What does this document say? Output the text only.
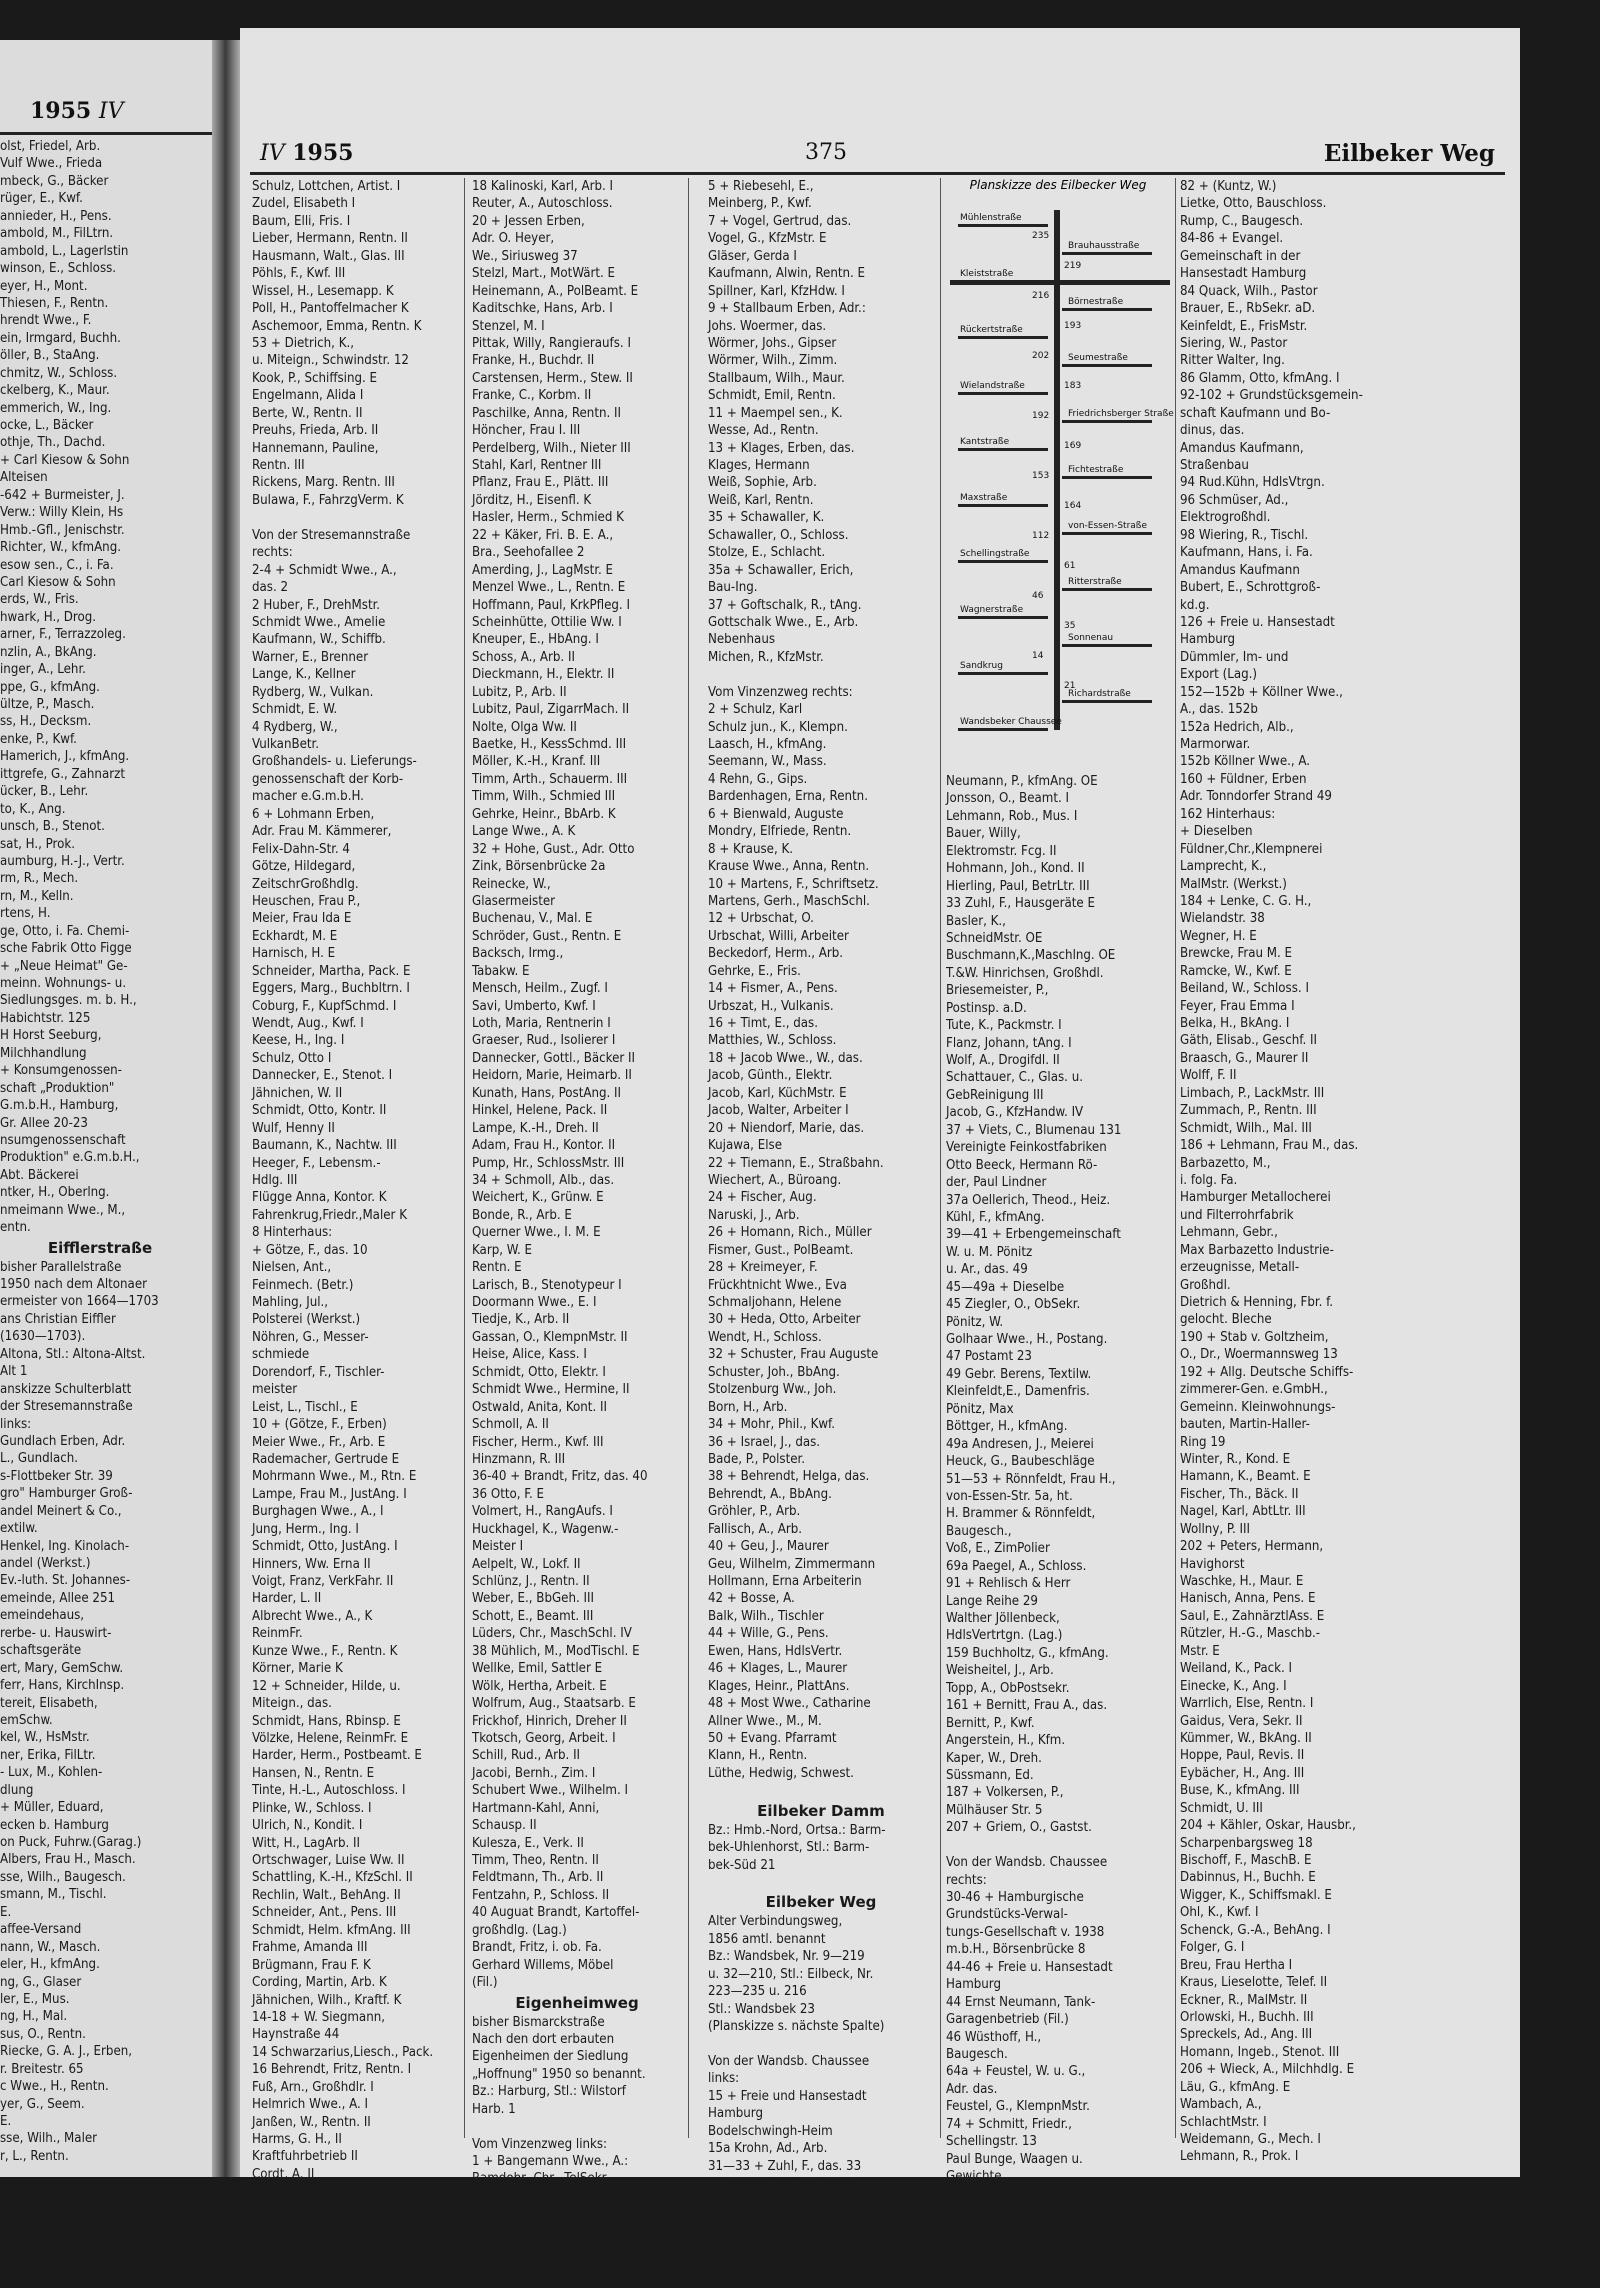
1955 IV
olst, Friedel, Arb.
Vulf Wwe., Frieda
mbeck, G., Bäcker
rüger, E., Kwf.
annieder, H., Pens.
ambold, M., FilLtrn.
ambold, L., Lagerlstin
winson, E., Schloss.
eyer, H., Mont.
Thiesen, F., Rentn.
hrendt Wwe., F.
ein, Irmgard, Buchh.
öller, B., StaAng.
chmitz, W., Schloss.
ckelberg, K., Maur.
emmerich, W., Ing.
ocke, L., Bäcker
othje, Th., Dachd.
+ Carl Kiesow & Sohn
Alteisen
-642 + Burmeister, J.
Verw.: Willy Klein, Hs
Hmb.-Gfl., Jenischstr.
Richter, W., kfmAng.
esow sen., C., i. Fa.
Carl Kiesow & Sohn
erds, W., Fris.
hwark, H., Drog.
arner, F., Terrazzoleg.
nzlin, A., BkAng.
inger, A., Lehr.
ppe, G., kfmAng.
ültze, P., Masch.
ss, H., Decksm.
enke, P., Kwf.
Hamerich, J., kfmAng.
ittgrefe, G., Zahnarzt
ücker, B., Lehr.
to, K., Ang.
unsch, B., Stenot.
sat, H., Prok.
aumburg, H.-J., Vertr.
rm, R., Mech.
rn, M., Kelln.
rtens, H.
ge, Otto, i. Fa. Chemi-
sche Fabrik Otto Figge
+ „Neue Heimat" Ge-
meinn. Wohnungs- u.
Siedlungsges. m. b. H.,
Habichtstr. 125
H Horst Seeburg,
Milchhandlung
+ Konsumgenossen-
schaft „Produktion"
G.m.b.H., Hamburg,
Gr. Allee 20-23
nsumgenossenschaft
Produktion" e.G.m.b.H.,
Abt. Bäckerei
ntker, H., Oberlng.
nmeimann Wwe., M.,
entn.
Eifflerstraße
bisher Parallelstraße
1950 nach dem Altonaer
ermeister von 1664—1703
ans Christian Eiffler
(1630—1703).
Altona, Stl.: Altona-Altst.
Alt 1
anskizze Schulterblatt
der Stresemannstraße
links:
Gundlach Erben, Adr.
L., Gundlach.
s-Flottbeker Str. 39
gro" Hamburger Groß-
andel Meinert & Co.,
extilw.
Henkel, Ing. Kinolach-
andel (Werkst.)
Ev.-luth. St. Johannes-
emeinde, Allee 251
emeindehaus,
rerbe- u. Hauswirt-
schaftsgeräte
ert, Mary, GemSchw.
ferr, Hans, KirchInsp.
tereit, Elisabeth,
emSchw.
kel, W., HsMstr.
ner, Erika, FilLtr.
- Lux, M., Kohlen-
dlung
+ Müller, Eduard,
ecken b. Hamburg
on Puck, Fuhrw.(Garag.)
Albers, Frau H., Masch.
sse, Wilh., Baugesch.
smann, M., Tischl.
E.
affee-Versand
nann, W., Masch.
eler, H., kfmAng.
ng, G., Glaser
ler, E., Mus.
ng, H., Mal.
sus, O., Rentn.
Riecke, G. A. J., Erben,
r. Breitestr. 65
c Wwe., H., Rentn.
yer, G., Seem.
E.
sse, Wilh., Maler
r, L., Rentn.
IV 1955	375	Eilbeker Weg
Schulz, Lottchen, Artist. I
Zudel, Elisabeth I
Baum, Elli, Fris. I
Lieber, Hermann, Rentn. II
Hausmann, Walt., Glas. III
Pöhls, F., Kwf. III
Wissel, H., Lesemapp. K
Poll, H., Pantoffelmacher K
Aschemoor, Emma, Rentn. K
53 + Dietrich, K.,
u. Miteign., Schwindstr. 12
Kook, P., Schiffsing. E
Engelmann, Alida I
Berte, W., Rentn. II
Preuhs, Frieda, Arb. II
Hannemann, Pauline,
Rentn. III
Rickens, Marg. Rentn. III
Bulawa, F., FahrzgVerm. K
Von der Stresemannstraße
rechts:
2-4 + Schmidt Wwe., A.,
das. 2
2 Huber, F., DrehMstr.
Schmidt Wwe., Amelie
Kaufmann, W., Schiffb.
Warner, E., Brenner
Lange, K., Kellner
Rydberg, W., Vulkan.
Schmidt, E. W.
4 Rydberg, W.,
VulkanBetr.
Großhandels- u. Lieferungs-
genossenschaft der Korb-
macher e.G.m.b.H.
6 + Lohmann Erben,
Adr. Frau M. Kämmerer,
Felix-Dahn-Str. 4
Götze, Hildegard,
ZeitschrGroßhdlg.
Heuschen, Frau P.,
Meier, Frau Ida E
Eckhardt, M. E
Harnisch, H. E
Schneider, Martha, Pack. E
Eggers, Marg., Buchbltrn. I
Coburg, F., KupfSchmd. I
Wendt, Aug., Kwf. I
Keese, H., Ing. I
Schulz, Otto I
Dannecker, E., Stenot. I
Jähnichen, W. II
Schmidt, Otto, Kontr. II
Wulf, Henny II
Baumann, K., Nachtw. III
Heeger, F., Lebensm.-
Hdlg. III
Flügge Anna, Kontor. K
Fahrenkrug,Friedr.,Maler K
8 Hinterhaus:
+ Götze, F., das. 10
Nielsen, Ant.,
Feinmech. (Betr.)
Mahling, Jul.,
Polsterei (Werkst.)
Nöhren, G., Messer-
schmiede
Dorendorf, F., Tischler-
meister
Leist, L., Tischl., E
10 + (Götze, F., Erben)
Meier Wwe., Fr., Arb. E
Rademacher, Gertrude E
Mohrmann Wwe., M., Rtn. E
Lampe, Frau M., JustAng. I
Burghagen Wwe., A., I
Jung, Herm., Ing. I
Schmidt, Otto, JustAng. I
Hinners, Ww. Erna II
Voigt, Franz, VerkFahr. II
Harder, L. II
Albrecht Wwe., A., K
ReinmFr.
Kunze Wwe., F., Rentn. K
Körner, Marie K
12 + Schneider, Hilde, u.
Miteign., das.
Schmidt, Hans, Rbinsp. E
Völzke, Helene, ReinmFr. E
Harder, Herm., Postbeamt. E
Hansen, N., Rentn. E
Tinte, H.-L., Autoschloss. I
Plinke, W., Schloss. I
Ulrich, N., Kondit. I
Witt, H., LagArb. II
Ortschwager, Luise Ww. II
Schattling, K.-H., KfzSchl. II
Rechlin, Walt., BehAng. II
Schneider, Ant., Pens. III
Schmidt, Helm. kfmAng. III
Frahme, Amanda III
Brügmann, Frau F. K
Cording, Martin, Arb. K
Jähnichen, Wilh., Kraftf. K
14-18 + W. Siegmann,
Haynstraße 44
14 Schwarzarius,Liesch., Pack.
16 Behrendt, Fritz, Rentn. I
Fuß, Arn., Großhdlr. I
Helmrich Wwe., A. I
Janßen, W., Rentn. II
Harms, G. H., II
Kraftfuhrbetrieb II
Cordt, A. II
Kralinski, A. II
Grewe, Luise, Reinmfr. II
Schliecker, Hans-J., III
Tischl. III
Brüchmann, E., Brenner III
Stahl, Johanna, Arbeit. III
18 Kalinoski, Karl, Arb. I
Reuter, A., Autoschloss.
20 + Jessen Erben,
Adr. O. Heyer,
We., Siriusweg 37
Stelzl, Mart., MotWärt. E
Heinemann, A., PolBeamt. E
Kaditschke, Hans, Arb. I
Stenzel, M. I
Pittak, Willy, Rangieraufs. I
Franke, H., Buchdr. II
Carstensen, Herm., Stew. II
Franke, C., Korbm. II
Paschilke, Anna, Rentn. II
Höncher, Frau I. III
Perdelberg, Wilh., Nieter III
Stahl, Karl, Rentner III
Pflanz, Frau E., Plätt. III
Jörditz, H., Eisenfl. K
Hasler, Herm., Schmied K
22 + Käker, Fri. B. E. A.,
Bra., Seehofallee 2
Amerding, J., LagMstr. E
Menzel Wwe., L., Rentn. E
Hoffmann, Paul, KrkPfleg. I
Scheinhütte, Ottilie Ww. I
Kneuper, E., HbAng. I
Schoss, A., Arb. II
Dieckmann, H., Elektr. II
Lubitz, P., Arb. II
Lubitz, Paul, ZigarrMach. II
Nolte, Olga Ww. II
Baetke, H., KessSchmd. III
Möller, K.-H., Kranf. III
Timm, Arth., Schauerm. III
Timm, Wilh., Schmied III
Gehrke, Heinr., BbArb. K
Lange Wwe., A. K
32 + Hohe, Gust., Adr. Otto
Zink, Börsenbrücke 2a
Reinecke, W.,
Glasermeister
Buchenau, V., Mal. E
Schröder, Gust., Rentn. E
Backsch, Irmg.,
Tabakw. E
Mensch, Heilm., Zugf. I
Savi, Umberto, Kwf. I
Loth, Maria, Rentnerin I
Graeser, Rud., Isolierer I
Dannecker, Gottl., Bäcker II
Heidorn, Marie, Heimarb. II
Kunath, Hans, PostAng. II
Hinkel, Helene, Pack. II
Lampe, K.-H., Dreh. II
Adam, Frau H., Kontor. II
Pump, Hr., SchlossMstr. III
34 + Schmoll, Alb., das.
Weichert, K., Grünw. E
Bonde, R., Arb. E
Querner Wwe., I. M. E
Karp, W. E
Rentn. E
Larisch, B., Stenotypeur I
Doormann Wwe., E. I
Tiedje, K., Arb. II
Gassan, O., KlempnMstr. II
Heise, Alice, Kass. I
Schmidt, Otto, Elektr. I
Schmidt Wwe., Hermine, II
Ostwald, Anita, Kont. II
Schmoll, A. II
Fischer, Herm., Kwf. III
Hinzmann, R. III
36-40 + Brandt, Fritz, das. 40
36 Otto, F. E
Volmert, H., RangAufs. I
Huckhagel, K., Wagenw.-
Meister I
Aelpelt, W., Lokf. II
Schlünz, J., Rentn. II
Weber, E., BbGeh. III
Schott, E., Beamt. III
Lüders, Chr., MaschSchl. IV
38 Mühlich, M., ModTischl. E
Wellke, Emil, Sattler E
Wölk, Hertha, Arbeit. E
Wolfrum, Aug., Staatsarb. E
Frickhof, Hinrich, Dreher II
Tkotsch, Georg, Arbeit. I
Schill, Rud., Arb. II
Jacobi, Bernh., Zim. I
Schubert Wwe., Wilhelm. I
Hartmann-Kahl, Anni,
Schausp. II
Kulesza, E., Verk. II
Timm, Theo, Rentn. II
Feldtmann, Th., Arb. II
Fentzahn, P., Schloss. II
40 Auguat Brandt, Kartoffel-
großhdlg. (Lag.)
Brandt, Fritz, i. ob. Fa.
Gerhard Willems, Möbel
(Fil.)
Eigenheimweg
bisher Bismarckstraße
Nach den dort erbauten
Eigenheimen der Siedlung
„Hoffnung" 1950 so benannt.
Bz.: Harburg, Stl.: Wilstorf
Harb. 1
Vom Vinzenzweg links:
1 + Bangemann Wwe., A.:
Ramdohr, Chr., TelSekr.
3 + Kophal jr., W., Schloss.
Klein, Heinr., Rentn.
Grohn, G., Pflanzensch.-
Techn.
5 + Riebesehl, E.,
Meinberg, P., Kwf.
7 + Vogel, Gertrud, das.
Vogel, G., KfzMstr. E
Gläser, Gerda I
Kaufmann, Alwin, Rentn. E
Spillner, Karl, KfzHdw. I
9 + Stallbaum Erben, Adr.:
Johs. Woermer, das.
Wörmer, Johs., Gipser
Wörmer, Wilh., Zimm.
Stallbaum, Wilh., Maur.
Schmidt, Emil, Rentn.
11 + Maempel sen., K.
Wesse, Ad., Rentn.
13 + Klages, Erben, das.
Klages, Hermann
Weiß, Sophie, Arb.
Weiß, Karl, Rentn.
35 + Schawaller, K.
Schawaller, O., Schloss.
Stolze, E., Schlacht.
35a + Schawaller, Erich,
Bau-Ing.
37 + Goftschalk, R., tAng.
Gottschalk Wwe., E., Arb.
Nebenhaus
Michen, R., KfzMstr.
Vom Vinzenzweg rechts:
2 + Schulz, Karl
Schulz jun., K., Klempn.
Laasch, H., kfmAng.
Seemann, W., Mass.
4 Rehn, G., Gips.
Bardenhagen, Erna, Rentn.
6 + Bienwald, Auguste
Mondry, Elfriede, Rentn.
8 + Krause, K.
Krause Wwe., Anna, Rentn.
10 + Martens, F., Schriftsetz.
Martens, Gerh., MaschSchl.
12 + Urbschat, O.
Urbschat, Willi, Arbeiter
Beckedorf, Herm., Arb.
Gehrke, E., Fris.
14 + Fismer, A., Pens.
Urbszat, H., Vulkanis.
16 + Timt, E., das.
Matthies, W., Schloss.
18 + Jacob Wwe., W., das.
Jacob, Günth., Elektr.
Jacob, Karl, KüchMstr. E
Jacob, Walter, Arbeiter I
20 + Niendorf, Marie, das.
Kujawa, Else
22 + Tiemann, E., Straßbahn.
Wiechert, A., Büroang.
24 + Fischer, Aug.
Naruski, J., Arb.
26 + Homann, Rich., Müller
Fismer, Gust., PolBeamt.
28 + Kreimeyer, F.
Frückhtnicht Wwe., Eva
Schmaljohann, Helene
30 + Heda, Otto, Arbeiter
Wendt, H., Schloss.
32 + Schuster, Frau Auguste
Schuster, Joh., BbAng.
Stolzenburg Ww., Joh.
Born, H., Arb.
34 + Mohr, Phil., Kwf.
36 + Israel, J., das.
Bade, P., Polster.
38 + Behrendt, Helga, das.
Behrendt, A., BbAng.
Gröhler, P., Arb.
Fallisch, A., Arb.
40 + Geu, J., Maurer
Geu, Wilhelm, Zimmermann
Hollmann, Erna Arbeiterin
42 + Bosse, A.
Balk, Wilh., Tischler
44 + Wille, G., Pens.
Ewen, Hans, HdlsVertr.
46 + Klages, L., Maurer
Klages, Heinr., PlattAns.
48 + Most Wwe., Catharine
Allner Wwe., M., M.
50 + Evang. Pfarramt
Klann, H., Rentn.
Lüthe, Hedwig, Schwest.
Eilbeker Damm
Bz.: Hmb.-Nord, Ortsa.: Barm-
bek-Uhlenhorst, Stl.: Barm-
bek-Süd 21
Eilbeker Weg
Alter Verbindungsweg,
1856 amtl. benannt
Bz.: Wandsbek, Nr. 9—219
u. 32—210, Stl.: Eilbeck, Nr.
223—235 u. 216
Stl.: Wandsbek 23
(Planskizze s. nächste Spalte)
Von der Wandsb. Chaussee
links:
15 + Freie und Hansestadt
Hamburg
Bodelschwingh-Heim
15a Krohn, Ad., Arb.
31—33 + Zuhl, F., das. 33
31 Sander,Bertha,Gastst. E
Tuchel, Otto, Grünw. E
Jacobs, W., Arb. OE
Planskizze des Eilbecker Weg
Mühlenstraße
Brauhausstraße
Kleiststraße
Börnestraße
Rückertstraße
Seumestraße
Wielandstraße
Friedrichsberger Straße
Kantstraße
Fichtestraße
Maxstraße
von-Essen-Straße
Schellingstraße
Ritterstraße
Wagnerstraße
Sonnenau
Sandkrug
Richardstraße
Wandsbeker Chaussee
235
219
216
193
202
183
192
169
153
164
112
61
46
35
14
21
Neumann, P., kfmAng. OE
Jonsson, O., Beamt. I
Lehmann, Rob., Mus. I
Bauer, Willy,
Elektromstr. Fcg. II
Hohmann, Joh., Kond. II
Hierling, Paul, BetrLtr. III
33 Zuhl, F., Hausgeräte E
Basler, K.,
SchneidMstr. OE
Buschmann,K.,Maschlng. OE
T.&W. Hinrichsen, Großhdl.
Briesemeister, P.,
Postinsp. a.D.
Tute, K., Packmstr. I
Flanz, Johann, tAng. I
Wolf, A., Drogifdl. II
Schattauer, C., Glas. u.
GebReinigung III
Jacob, G., KfzHandw. IV
37 + Viets, C., Blumenau 131
Vereinigte Feinkostfabriken
Otto Beeck, Hermann Rö-
der, Paul Lindner
37a Oellerich, Theod., Heiz.
Kühl, F., kfmAng.
39—41 + Erbengemeinschaft
W. u. M. Pönitz
u. Ar., das. 49
45—49a + Dieselbe
45 Ziegler, O., ObSekr.
Pönitz, W.
Golhaar Wwe., H., Postang.
47 Postamt 23
49 Gebr. Berens, Textilw.
Kleinfeldt,E., Damenfris.
Pönitz, Max
Böttger, H., kfmAng.
49a Andresen, J., Meierei
Heuck, G., Baubeschläge
51—53 + Rönnfeldt, Frau H.,
von-Essen-Str. 5a, ht.
H. Brammer & Rönnfeldt,
Baugesch.,
Voß, E., ZimPolier
69a Paegel, A., Schloss.
91 + Rehlisch & Herr
Lange Reihe 29
Walther Jöllenbeck,
HdlsVertrtgn. (Lag.)
159 Buchholtz, G., kfmAng.
Weisheitel, J., Arb.
Topp, A., ObPostsekr.
161 + Bernitt, Frau A., das.
Bernitt, P., Kwf.
Angerstein, H., Kfm.
Kaper, W., Dreh.
Süssmann, Ed.
187 + Volkersen, P.,
Mülhäuser Str. 5
207 + Griem, O., Gastst.
Von der Wandsb. Chaussee
rechts:
30-46 + Hamburgische
Grundstücks-Verwal-
tungs-Gesellschaft v. 1938
m.b.H., Börsenbrücke 8
44-46 + Freie u. Hansestadt
Hamburg
44 Ernst Neumann, Tank-
Garagenbetrieb (Fil.)
46 Wüsthoff, H.,
Baugesch.
64a + Feustel, W. u. G.,
Adr. das.
Feustel, G., KlempnMstr.
74 + Schmitt, Friedr.,
Schellingstr. 13
Paul Bunge, Waagen u.
Gewichte,
82 + (Kuntz, W.)
Lietke, Otto, Bauschloss.
Rump, C., Baugesch.
84-86 + Evangel.
Gemeinschaft in der
Hansestadt Hamburg
84 Quack, Wilh., Pastor
Brauer, E., RbSekr. aD.
Keinfeldt, E., FrisMstr.
Siering, W., Pastor
Ritter Walter, Ing.
86 Glamm, Otto, kfmAng. I
92-102 + Grundstücksgemein-
schaft Kaufmann und Bo-
dinus, das.
Amandus Kaufmann,
Straßenbau
94 Rud.Kühn, HdlsVtrgn.
96 Schmüser, Ad.,
Elektrogroßhdl.
98 Wiering, R., Tischl.
Kaufmann, Hans, i. Fa.
Amandus Kaufmann
Bubert, E., Schrottgroß-
kd.g.
126 + Freie u. Hansestadt
Hamburg
Dümmler, Im- und
Export (Lag.)
152—152b + Köllner Wwe.,
A., das. 152b
152a Hedrich, Alb.,
Marmorwar.
152b Köllner Wwe., A.
160 + Füldner, Erben
Adr. Tonndorfer Strand 49
162 Hinterhaus:
+ Dieselben
Füldner,Chr.,Klempnerei
Lamprecht, K.,
MalMstr. (Werkst.)
184 + Lenke, C. G. H.,
Wielandstr. 38
Wegner, H. E
Brewcke, Frau M. E
Ramcke, W., Kwf. E
Beiland, W., Schloss. I
Feyer, Frau Emma I
Belka, H., BkAng. I
Gäth, Elisab., Geschf. II
Braasch, G., Maurer II
Wolff, F. II
Limbach, P., LackMstr. III
Zummach, P., Rentn. III
Schmidt, Wilh., Mal. III
186 + Lehmann, Frau M., das.
Barbazetto, M.,
i. folg. Fa.
Hamburger Metallocherei
und Filterrohrfabrik
Lehmann, Gebr.,
Max Barbazetto Industrie-
erzeugnisse, Metall-
Großhdl.
Dietrich & Henning, Fbr. f.
gelocht. Bleche
190 + Stab v. Goltzheim,
O., Dr., Woermannsweg 13
192 + Allg. Deutsche Schiffs-
zimmerer-Gen. e.GmbH.,
Gemeinn. Kleinwohnungs-
bauten, Martin-Haller-
Ring 19
Winter, R., Kond. E
Hamann, K., Beamt. E
Fischer, Th., Bäck. II
Nagel, Karl, AbtLtr. III
Wollny, P. III
202 + Peters, Hermann,
Havighorst
Waschke, H., Maur. E
Hanisch, Anna, Pens. E
Saul, E., ZahnärztlAss. E
Rützler, H.-G., Maschb.-
Mstr. E
Weiland, K., Pack. I
Einecke, K., Ang. I
Warrlich, Else, Rentn. I
Gaidus, Vera, Sekr. II
Kümmer, W., BkAng. II
Hoppe, Paul, Revis. II
Eybächer, H., Ang. III
Buse, K., kfmAng. III
Schmidt, U. III
204 + Kähler, Oskar, Hausbr.,
Scharpenbargsweg 18
Bischoff, F., MaschB. E
Dabinnus, H., Buchh. E
Wigger, K., Schiffsmakl. E
Ohl, K., Kwf. I
Schenck, G.-A., BehAng. I
Folger, G. I
Breu, Frau Hertha I
Kraus, Lieselotte, Telef. II
Eckner, R., MalMstr. II
Orlowski, H., Buchh. III
Spreckels, Ad., Ang. III
Homann, Ingeb., Stenot. III
206 + Wieck, A., Milchhdlg. E
Läu, G., kfmAng. E
Wambach, A.,
SchlachtMstr. I
Weidemann, G., Mech. I
Lehmann, R., Prok. I
